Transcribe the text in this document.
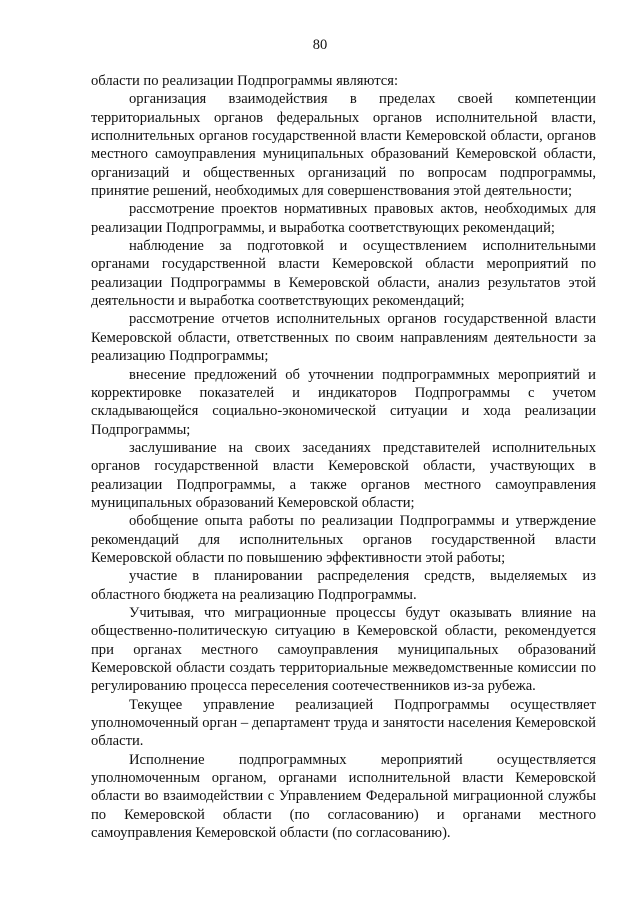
80

области по реализации Подпрограммы являются:

организация взаимодействия в пределах своей компетенции территориальных органов федеральных органов исполнительной власти, исполнительных органов государственной власти Кемеровской области, органов местного самоуправления муниципальных образований Кемеровской области, организаций и общественных организаций по вопросам подпрограммы, принятие решений, необходимых для совершенствования этой деятельности;

рассмотрение проектов нормативных правовых актов, необходимых для реализации Подпрограммы, и выработка соответствующих рекомендаций;

наблюдение за подготовкой и осуществлением исполнительными органами государственной власти Кемеровской области мероприятий по реализации Подпрограммы в Кемеровской области, анализ результатов этой деятельности и выработка соответствующих рекомендаций;

рассмотрение отчетов исполнительных органов государственной власти Кемеровской области, ответственных по своим направлениям деятельности за реализацию Подпрограммы;

внесение предложений об уточнении подпрограммных мероприятий и корректировке показателей и индикаторов Подпрограммы с учетом складывающейся социально-экономической ситуации и хода реализации Подпрограммы;

заслушивание на своих заседаниях представителей исполнительных органов государственной власти Кемеровской области, участвующих в реализации Подпрограммы, а также органов местного самоуправления муниципальных образований Кемеровской области;

обобщение опыта работы по реализации Подпрограммы и утверждение рекомендаций для исполнительных органов государственной власти Кемеровской области по повышению эффективности этой работы;

участие в планировании распределения средств, выделяемых из областного бюджета на реализацию Подпрограммы.

Учитывая, что миграционные процессы будут оказывать влияние на общественно-политическую ситуацию в Кемеровской области, рекомендуется при органах местного самоуправления муниципальных образований Кемеровской области создать территориальные межведомственные комиссии по регулированию процесса переселения соотечественников из-за рубежа.

Текущее управление реализацией Подпрограммы осуществляет уполномоченный орган – департамент труда и занятости населения Кемеровской области.

Исполнение подпрограммных мероприятий осуществляется уполномоченным органом, органами исполнительной власти Кемеровской области во взаимодействии с Управлением Федеральной миграционной службы по Кемеровской области (по согласованию) и органами местного самоуправления Кемеровской области (по согласованию).
